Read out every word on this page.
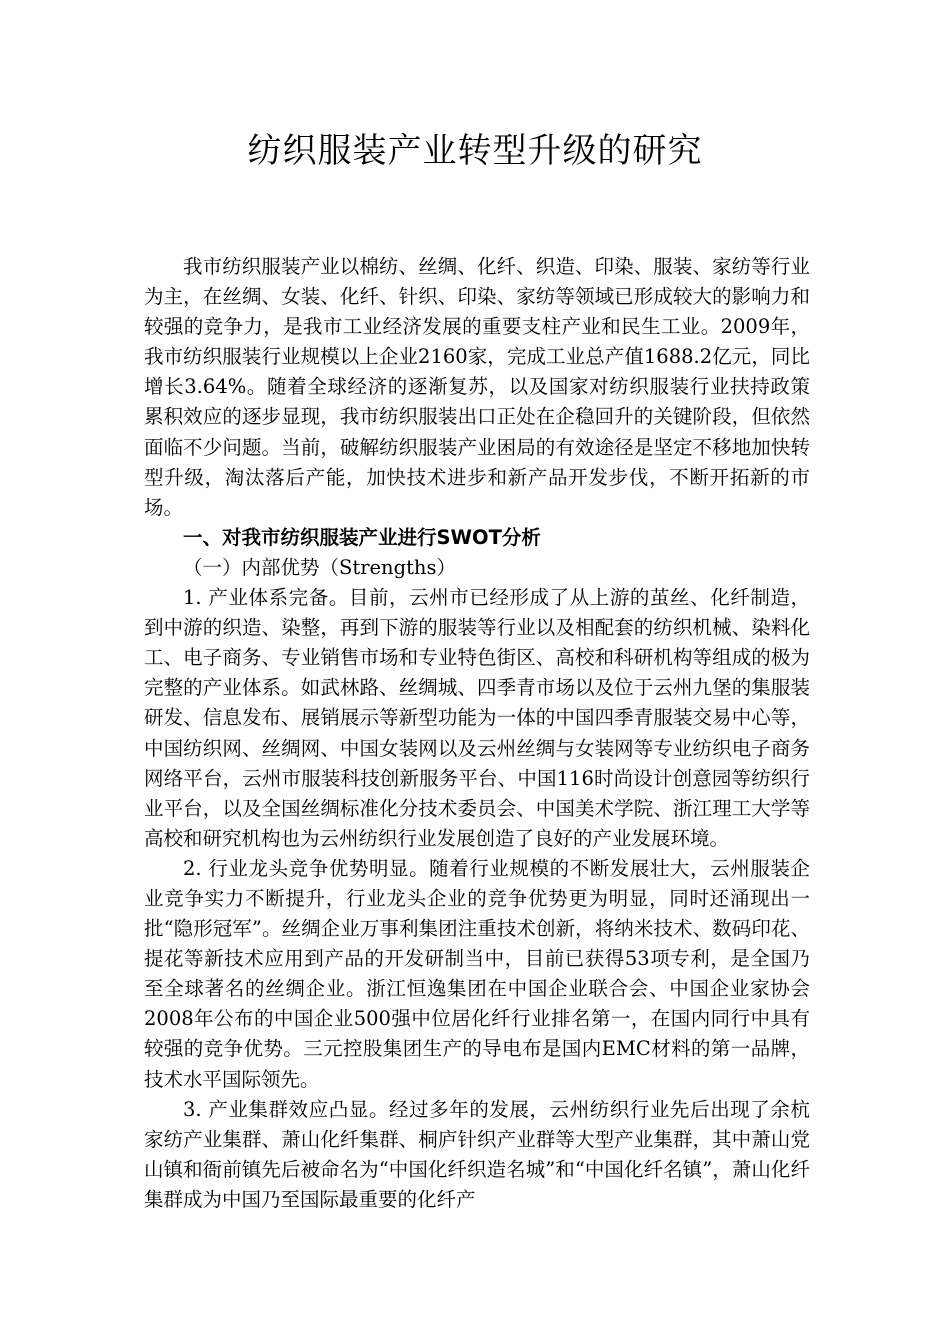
纺织服装产业转型升级的研究

我市纺织服装产业以棉纺、丝绸、化纤、织造、印染、服装、家纺等行业为主，在丝绸、女装、化纤、针织、印染、家纺等领域已形成较大的影响力和较强的竞争力，是我市工业经济发展的重要支柱产业和民生工业。2009年，我市纺织服装行业规模以上企业2160家，完成工业总产值1688.2亿元，同比增长3.64%。随着全球经济的逐渐复苏，以及国家对纺织服装行业扶持政策累积效应的逐步显现，我市纺织服装出口正处在企稳回升的关键阶段，但依然面临不少问题。当前，破解纺织服装产业困局的有效途径是坚定不移地加快转型升级，淘汰落后产能，加快技术进步和新产品开发步伐，不断开拓新的市场。

一、对我市纺织服装产业进行SWOT分析

（一）内部优势（Strengths）

1. 产业体系完备。目前，云州市已经形成了从上游的茧丝、化纤制造，到中游的织造、染整，再到下游的服装等行业以及相配套的纺织机械、染料化工、电子商务、专业销售市场和专业特色街区、高校和科研机构等组成的极为完整的产业体系。如武林路、丝绸城、四季青市场以及位于云州九堡的集服装研发、信息发布、展销展示等新型功能为一体的中国四季青服装交易中心等，中国纺织网、丝绸网、中国女装网以及云州丝绸与女装网等专业纺织电子商务网络平台，云州市服装科技创新服务平台、中国116时尚设计创意园等纺织行业平台，以及全国丝绸标准化分技术委员会、中国美术学院、浙江理工大学等高校和研究机构也为云州纺织行业发展创造了良好的产业发展环境。

2. 行业龙头竞争优势明显。随着行业规模的不断发展壮大，云州服装企业竞争实力不断提升，行业龙头企业的竞争优势更为明显，同时还涌现出一批“隐形冠军”。丝绸企业万事利集团注重技术创新，将纳米技术、数码印花、提花等新技术应用到产品的开发研制当中，目前已获得53项专利，是全国乃至全球著名的丝绸企业。浙江恒逸集团在中国企业联合会、中国企业家协会2008年公布的中国企业500强中位居化纤行业排名第一，在国内同行中具有较强的竞争优势。三元控股集团生产的导电布是国内EMC材料的第一品牌，技术水平国际领先。

3. 产业集群效应凸显。经过多年的发展，云州纺织行业先后出现了余杭家纺产业集群、萧山化纤集群、桐庐针织产业群等大型产业集群，其中萧山党山镇和衙前镇先后被命名为“中国化纤织造名城”和“中国化纤名镇”，萧山化纤集群成为中国乃至国际最重要的化纤产
